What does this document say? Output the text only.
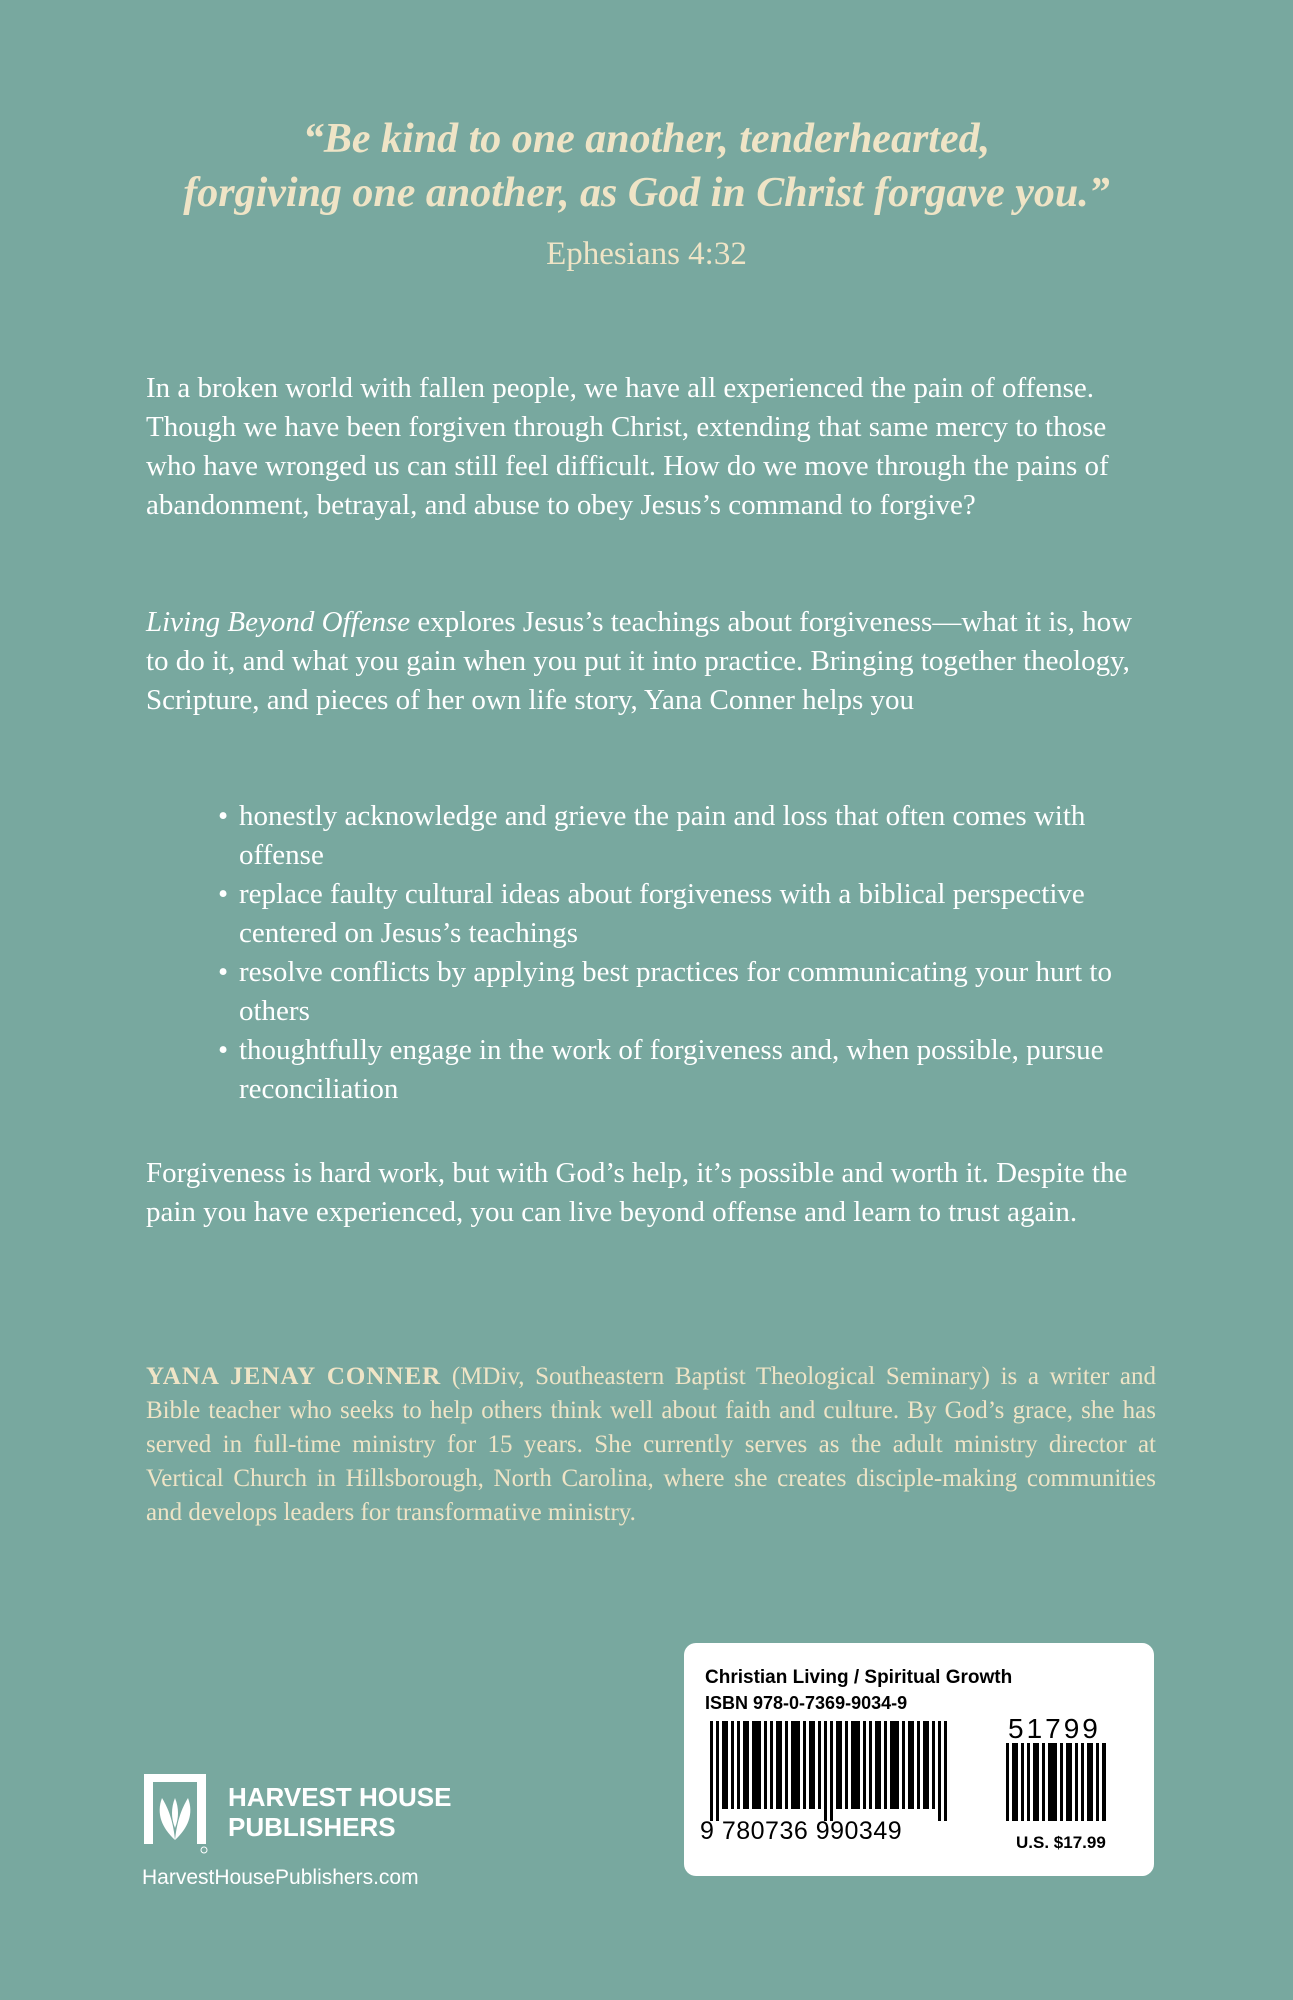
“Be kind to one another, tenderhearted,
forgiving one another, as God in Christ forgave you.”
Ephesians 4:32
In a broken world with fallen people, we have all experienced the pain of offense. Though we have been forgiven through Christ, extending that same mercy to those who have wronged us can still feel difficult. How do we move through the pains of abandonment, betrayal, and abuse to obey Jesus’s command to forgive?
Living Beyond Offense explores Jesus’s teachings about forgiveness—what it is, how to do it, and what you gain when you put it into practice. Bringing together theology, Scripture, and pieces of her own life story, Yana Conner helps you
• honestly acknowledge and grieve the pain and loss that often comes with offense
• replace faulty cultural ideas about forgiveness with a biblical perspective centered on Jesus’s teachings
• resolve conflicts by applying best practices for communicating your hurt to others
• thoughtfully engage in the work of forgiveness and, when possible, pursue reconciliation
Forgiveness is hard work, but with God’s help, it’s possible and worth it. Despite the pain you have experienced, you can live beyond offense and learn to trust again.
YANA JENAY CONNER (MDiv, Southeastern Baptist Theological Seminary) is a writer and Bible teacher who seeks to help others think well about faith and culture. By God’s grace, she has served in full-time ministry for 15 years. She currently serves as the adult ministry director at Vertical Church in Hillsborough, North Carolina, where she creates disciple-making communities and develops leaders for transformative ministry.
HARVEST HOUSE
PUBLISHERS
HarvestHousePublishers.com
Christian Living / Spiritual Growth
ISBN 978-0-7369-9034-9
9 780736 990349
51799
U.S. $17.99
